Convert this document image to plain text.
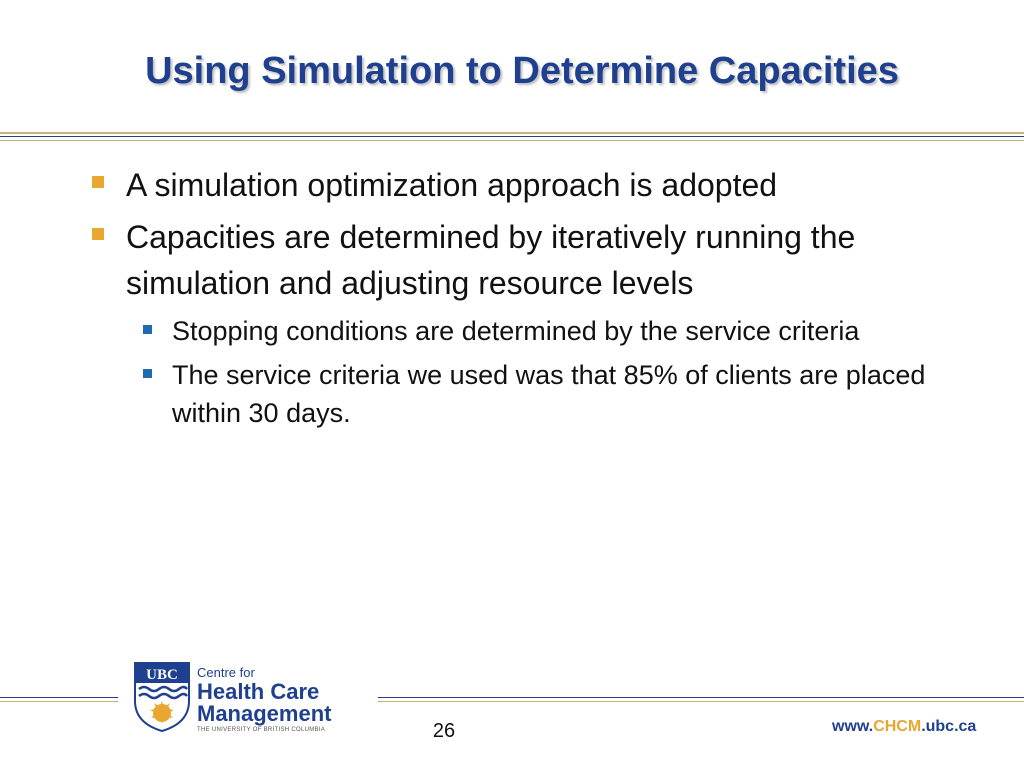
Using Simulation to Determine Capacities
A simulation optimization approach is adopted
Capacities are determined by iteratively running the simulation and adjusting resource levels
Stopping conditions are determined by the service criteria
The service criteria we used was that 85% of clients are placed within 30 days.
UBC Centre for
Health Care
Management
THE UNIVERSITY OF BRITISH COLUMBIA	26	www.CHCM.ubc.ca
